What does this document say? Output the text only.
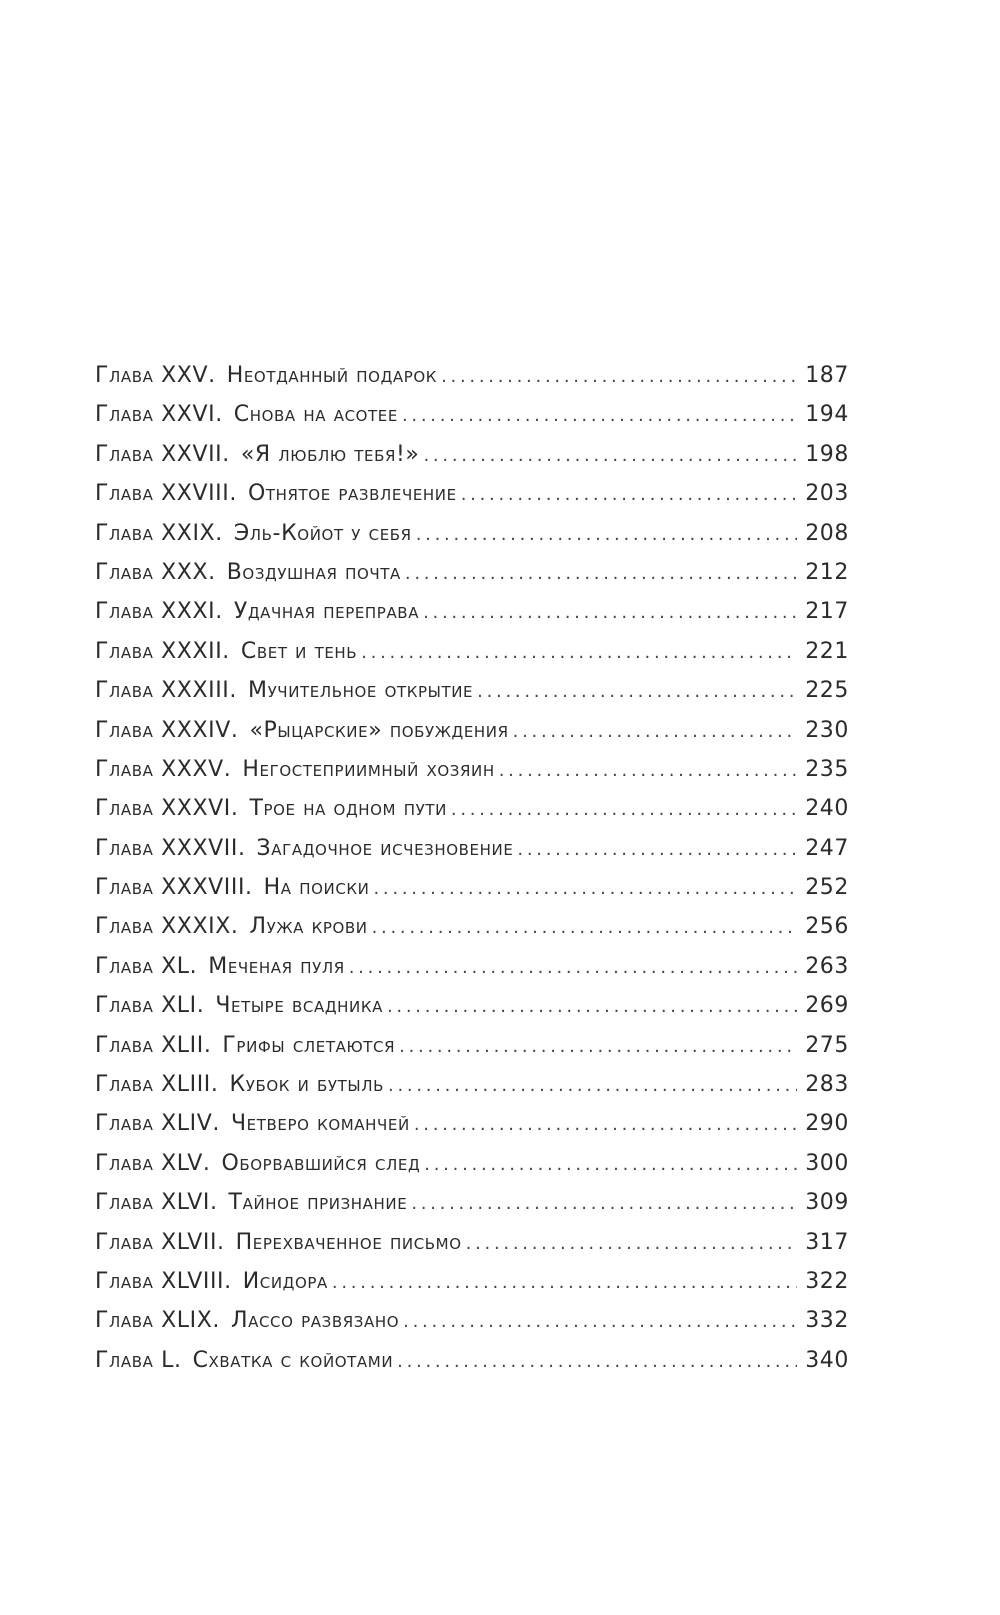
Глава XXV . Неотданный подарок . . .	187
Глава XXVI . Снова на асотее . . .	194
Глава XXVII . «Я люблю тебя!» . . .	198
Глава XXVIII . Отнятое развлечение . . .	203
Глава XXIX . Эль-Койот у себя . . .	208
Глава XXX . Воздушная почта . . .	212
Глава XXXI . Удачная переправа . . .	217
Глава XXXII . Свет и тень . . .	221
Глава XXXIII . Мучительное открытие . . .	225
Глава XXXIV . «Рыцарские» побуждения . . .	230
Глава XXXV . Негостеприимный хозяин . . .	235
Глава XXXVI . Трое на одном пути . . .	240
Глава XXXVII . Загадочное исчезновение . . .	247
Глава XXXVIII . На поиски . . .	252
Глава XXXIX . Лужа крови . . .	256
Глава XL . Меченая пуля . . .	263
Глава XLI . Четыре всадника . . .	269
Глава XLII . Грифы слетаются . . .	275
Глава XLIII . Кубок и бутыль . . .	283
Глава XLIV . Четверо команчей . . .	290
Глава XLV . Оборвавшийся след . . .	300
Глава XLVI . Тайное признание . . .	309
Глава XLVII . Перехваченное письмо . . .	317
Глава XLVIII . Исидора . . .	322
Глава XLIX . Лассо развязано . . .	332
Глава L . Схватка с койотами . . .	340
